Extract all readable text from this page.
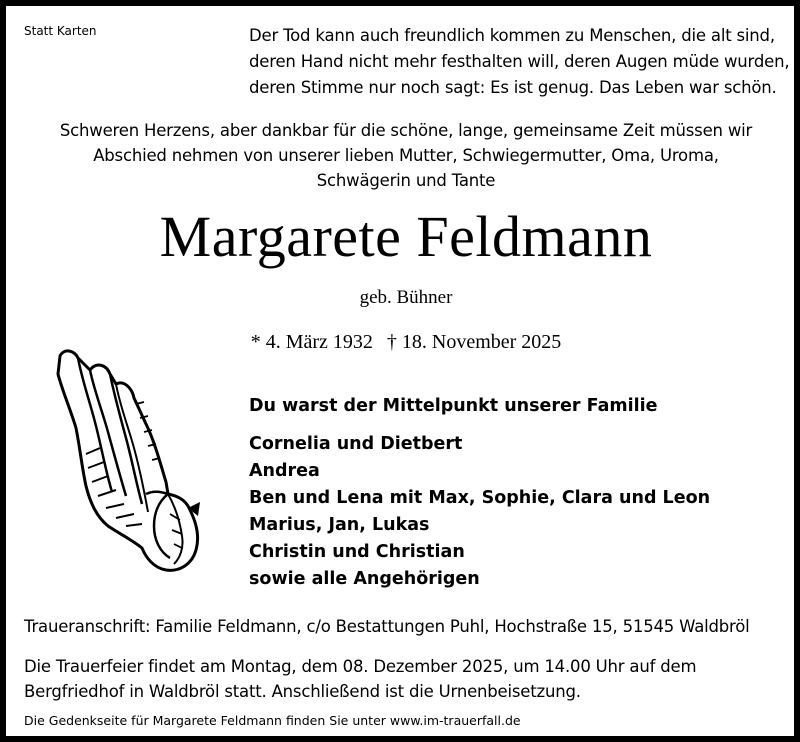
Statt Karten	Der Tod kann auch freundlich kommen zu Menschen, die alt sind,
deren Hand nicht mehr festhalten will, deren Augen müde wurden,
deren Stimme nur noch sagt: Es ist genug. Das Leben war schön.
Schweren Herzens, aber dankbar für die schöne, lange, gemeinsame Zeit müssen wir
Abschied nehmen von unserer lieben Mutter, Schwiegermutter, Oma, Uroma,
Schwägerin und Tante
Margarete Feldmann
geb. Bühner
* 4. März 1932 † 18. November 2025
Du warst der Mittelpunkt unserer Familie
Cornelia und Dietbert
Andrea
Ben und Lena mit Max, Sophie, Clara und Leon
Marius, Jan, Lukas
Christin und Christian
sowie alle Angehörigen
Traueranschrift: Familie Feldmann, c/o Bestattungen Puhl, Hochstraße 15, 51545 Waldbröl
Die Trauerfeier findet am Montag, dem 08. Dezember 2025, um 14.00 Uhr auf dem
Bergfriedhof in Waldbröl statt. Anschließend ist die Urnenbeisetzung.
Die Gedenkseite für Margarete Feldmann finden Sie unter www.im-trauerfall.de
